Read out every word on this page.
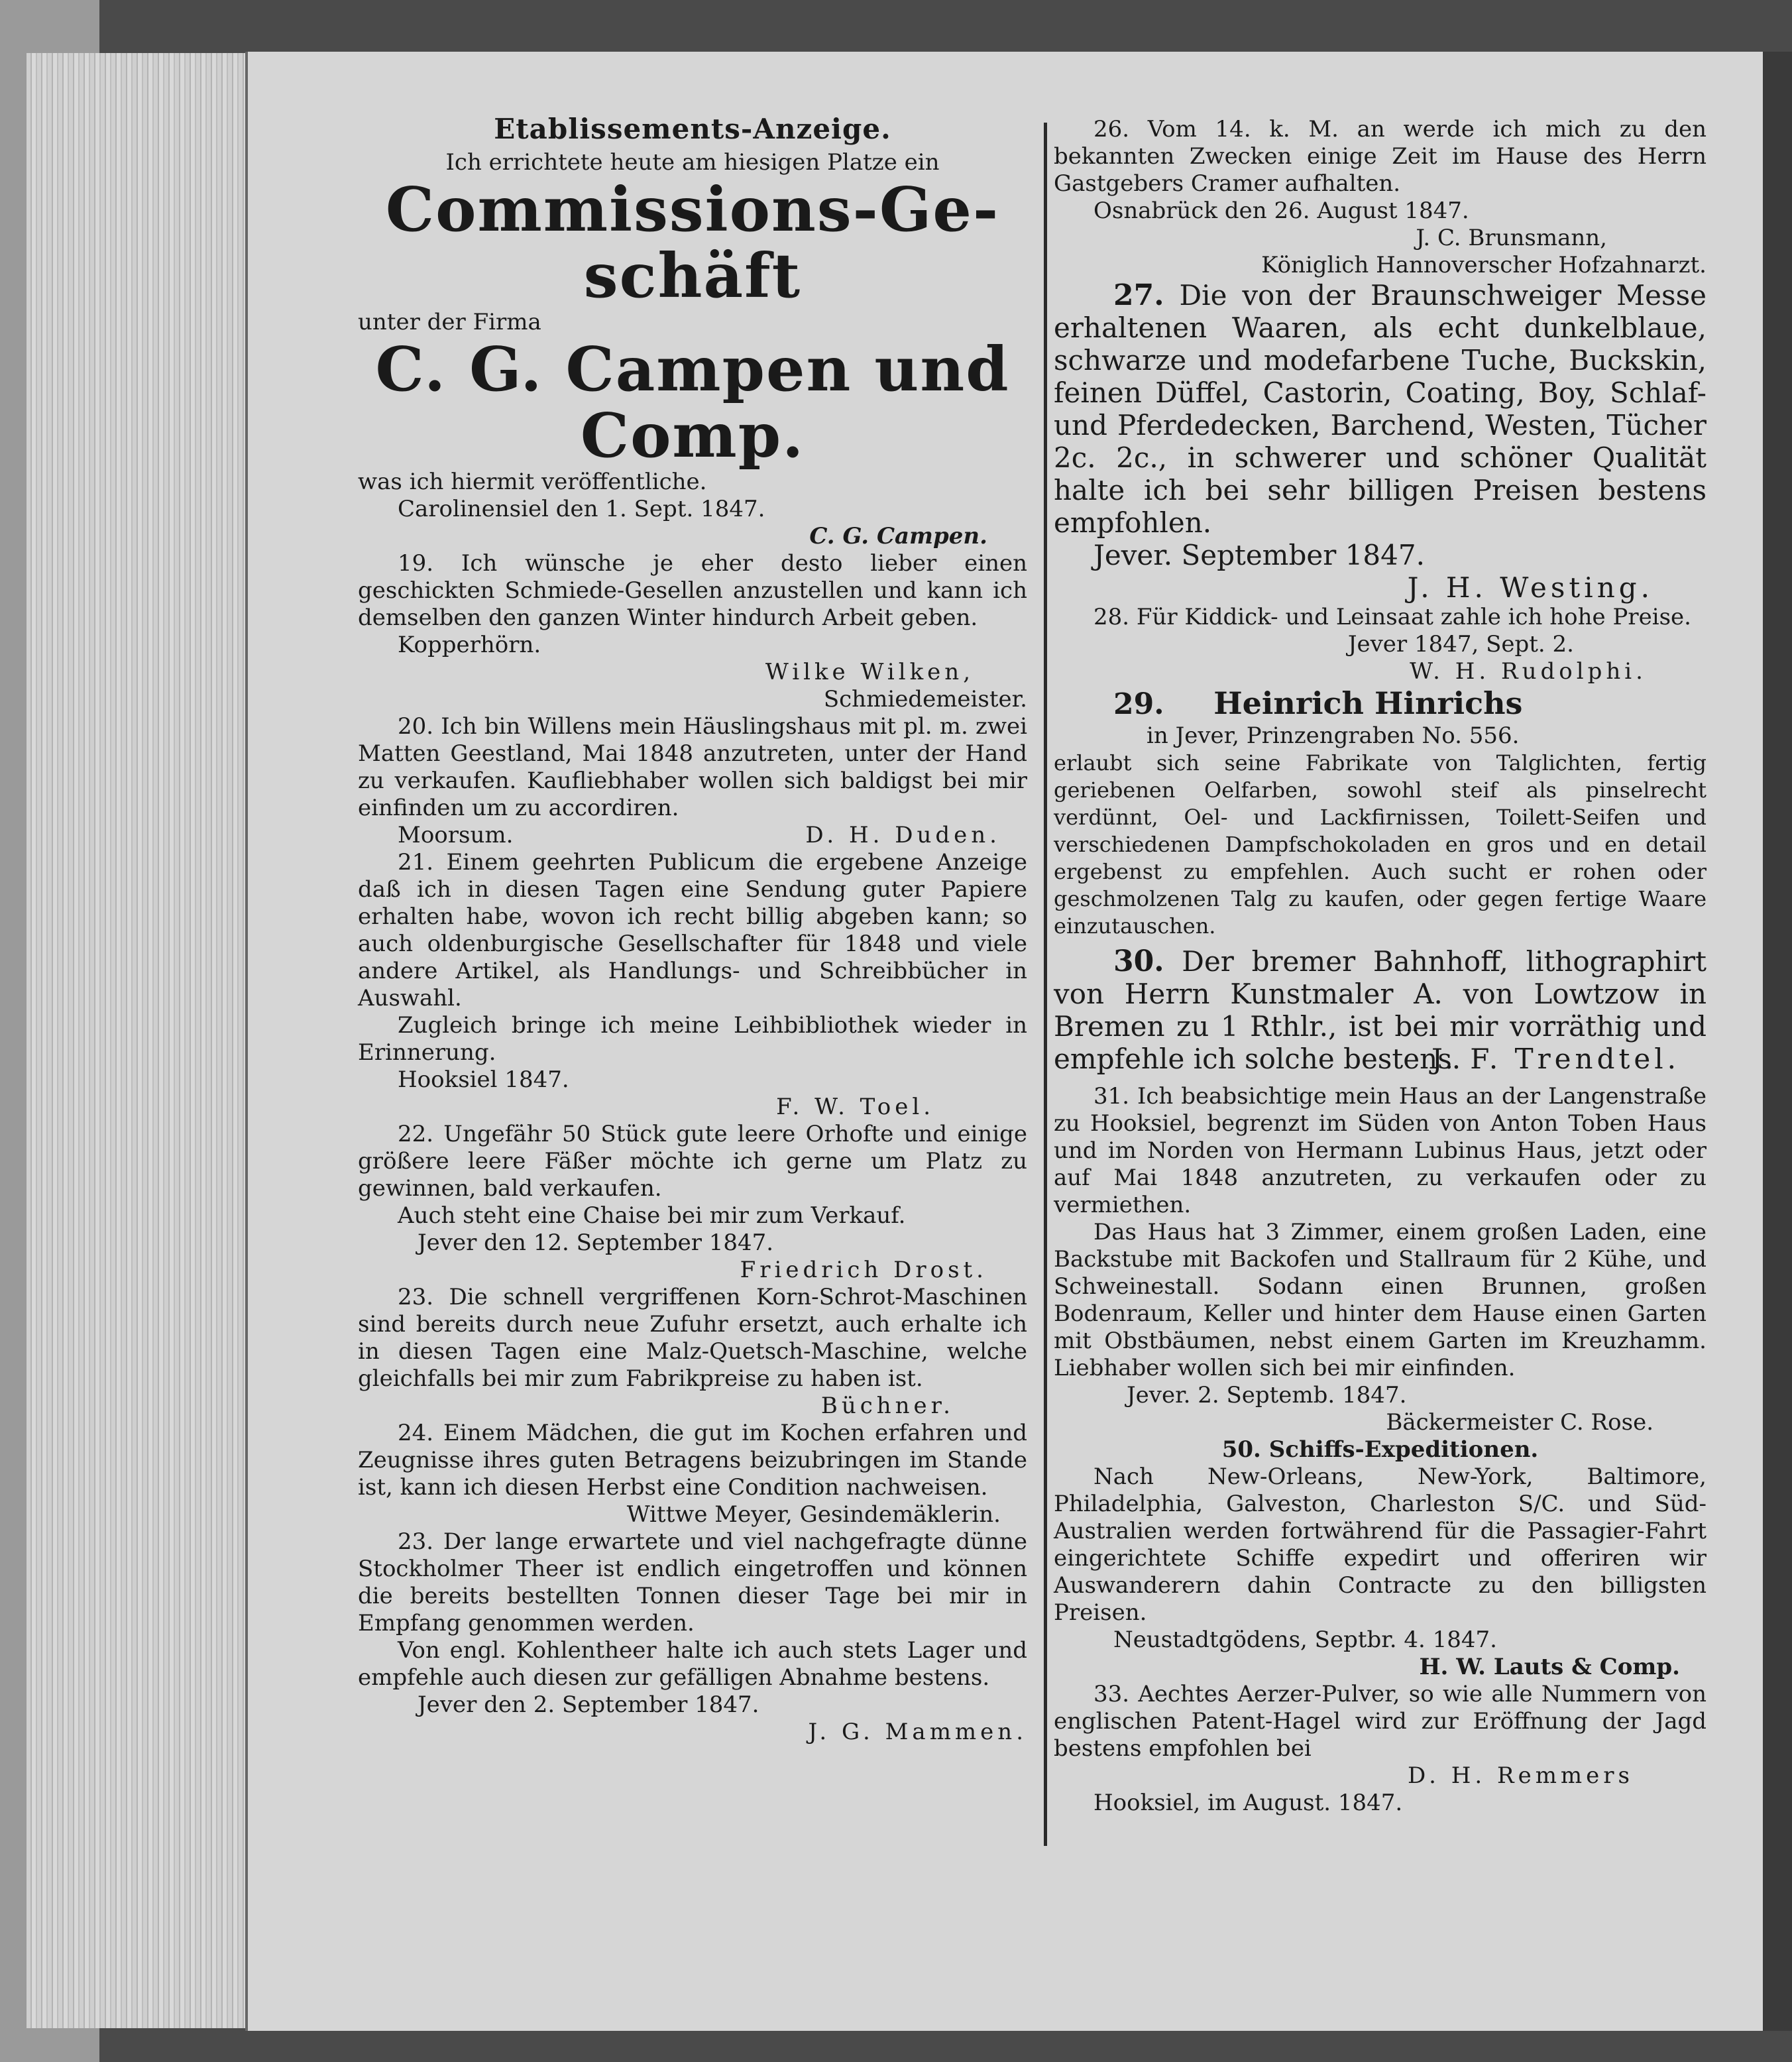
Etablissements-Anzeige.

Ich errichtete heute am hiesigen Platze ein

Commissions-Ge-
schäft

unter der Firma

C. G. Campen und
Comp.

was ich hiermit veröffentliche.

Carolinensiel den 1. Sept. 1847.

C. G. Campen.

19. Ich wünsche je eher desto lieber einen geschickten Schmiede-Gesellen anzustellen und kann ich demselben den ganzen Winter hindurch Arbeit geben.

Kopperhörn.

Wilke Wilken,

Schmiedemeister.

20. Ich bin Willens mein Häuslingshaus mit pl. m. zwei Matten Geestland, Mai 1848 anzutreten, unter der Hand zu verkaufen. Kaufliebhaber wollen sich baldigst bei mir einfinden um zu accordiren.

Moorsum.	D. H. Duden.

21. Einem geehrten Publicum die ergebene Anzeige daß ich in diesen Tagen eine Sendung guter Papiere erhalten habe, wovon ich recht billig abgeben kann; so auch oldenburgische Gesellschafter für 1848 und viele andere Artikel, als Handlungs- und Schreibbücher in Auswahl.

Zugleich bringe ich meine Leihbibliothek wieder in Erinnerung.

Hooksiel 1847.

F. W. Toel.

22. Ungefähr 50 Stück gute leere Orhofte und einige größere leere Fäßer möchte ich gerne um Platz zu gewinnen, bald verkaufen.

Auch steht eine Chaise bei mir zum Verkauf.

Jever den 12. September 1847.

Friedrich Drost.

23. Die schnell vergriffenen Korn-Schrot-Maschinen sind bereits durch neue Zufuhr ersetzt, auch erhalte ich in diesen Tagen eine Malz-Quetsch-Maschine, welche gleichfalls bei mir zum Fabrikpreise zu haben ist.

Büchner.

24. Einem Mädchen, die gut im Kochen erfahren und Zeugnisse ihres guten Betragens beizubringen im Stande ist, kann ich diesen Herbst eine Condition nachweisen.

Wittwe Meyer, Gesindemäklerin.

23. Der lange erwartete und viel nachgefragte dünne Stockholmer Theer ist endlich eingetroffen und können die bereits bestellten Tonnen dieser Tage bei mir in Empfang genommen werden.

Von engl. Kohlentheer halte ich auch stets Lager und empfehle auch diesen zur gefälligen Abnahme bestens.

Jever den 2. September 1847.

J. G. Mammen.

26. Vom 14. k. M. an werde ich mich zu den bekannten Zwecken einige Zeit im Hause des Herrn Gastgebers Cramer aufhalten.

Osnabrück den 26. August 1847.

J. C. Brunsmann,

Königlich Hannoverscher Hofzahnarzt.

27. Die von der Braunschweiger Messe erhaltenen Waaren, als echt dunkelblaue, schwarze und modefarbene Tuche, Buckskin, feinen Düffel, Castorin, Coating, Boy, Schlaf- und Pferdedecken, Barchend, Westen, Tücher 2c. 2c., in schwerer und schöner Qualität halte ich bei sehr billigen Preisen bestens empfohlen.

Jever. September 1847.

J. H. Westing.

28. Für Kiddick- und Leinsaat zahle ich hohe Preise.

Jever 1847, Sept. 2.

W. H. Rudolphi.

29. Heinrich Hinrichs

in Jever, Prinzengraben No. 556.

erlaubt sich seine Fabrikate von Talglichten, fertig geriebenen Oelfarben, sowohl steif als pinselrecht verdünnt, Oel- und Lackfirnissen, Toilett-Seifen und verschiedenen Dampfschokoladen en gros und en detail ergebenst zu empfehlen. Auch sucht er rohen oder geschmolzenen Talg zu kaufen, oder gegen fertige Waare einzutauschen.

30. Der bremer Bahnhoff, lithographirt von Herrn Kunstmaler A. von Lowtzow in Bremen zu 1 Rthlr., ist bei mir vorräthig und empfehle ich solche bestens.

J. F. Trendtel.

31. Ich beabsichtige mein Haus an der Langenstraße zu Hooksiel, begrenzt im Süden von Anton Toben Haus und im Norden von Hermann Lubinus Haus, jetzt oder auf Mai 1848 anzutreten, zu verkaufen oder zu vermiethen.

Das Haus hat 3 Zimmer, einem großen Laden, eine Backstube mit Backofen und Stallraum für 2 Kühe, und Schweinestall. Sodann einen Brunnen, großen Bodenraum, Keller und hinter dem Hause einen Garten mit Obstbäumen, nebst einem Garten im Kreuzhamm. Liebhaber wollen sich bei mir einfinden.

Jever. 2. Septemb. 1847.

Bäckermeister C. Rose.

50. Schiffs-Expeditionen.

Nach New-Orleans, New-York, Baltimore, Philadelphia, Galveston, Charleston S/C. und Süd-Australien werden fortwährend für die Passagier-Fahrt eingerichtete Schiffe expedirt und offeriren wir Auswanderern dahin Contracte zu den billigsten Preisen.

Neustadtgödens, Septbr. 4. 1847.

H. W. Lauts & Comp.

33. Aechtes Aerzer-Pulver, so wie alle Nummern von englischen Patent-Hagel wird zur Eröffnung der Jagd bestens empfohlen bei

D. H. Remmers

Hooksiel, im August. 1847.
